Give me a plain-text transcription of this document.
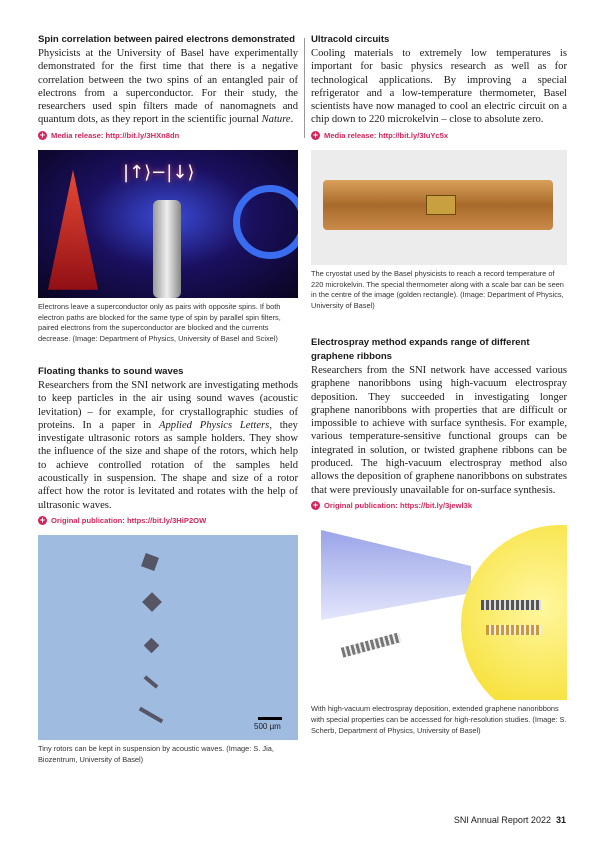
Spin correlation between paired electrons demonstrated
Physicists at the University of Basel have experimentally demonstrated for the first time that there is a negative correlation between the two spins of an entangled pair of electrons from a superconductor. For their study, the researchers used spin filters made of nanomagnets and quantum dots, as they report in the scientific journal Nature.
+ Media release: http://bit.ly/3HXn8dn
|↑⟩−|↓⟩
Electrons leave a superconductor only as pairs with opposite spins. If both electron paths are blocked for the same type of spin by parallel spin filters, paired electrons from the superconductor are blocked and the currents decrease. (Image: Department of Physics, University of Basel and Scixel)
Floating thanks to sound waves
Researchers from the SNI network are investigating methods to keep particles in the air using sound waves (acoustic levitation) – for example, for crystallographic studies of proteins. In a paper in Applied Physics Letters, they investigate ultrasonic rotors as sample holders. They show the influence of the size and shape of the rotors, which help to achieve controlled rotation of the samples held acoustically in suspension. The shape and size of a rotor affect how the rotor is levitated and rotates with the help of ultrasonic waves.
+ Original publication: https://bit.ly/3HiP2OW
500 µm
Tiny rotors can be kept in suspension by acoustic waves. (Image: S. Jia, Biozentrum, University of Basel)
Ultracold circuits
Cooling materials to extremely low temperatures is important for basic physics research as well as for technological applications. By improving a special refrigerator and a low-temperature thermometer, Basel scientists have now managed to cool an electric circuit on a chip down to 220 microkelvin – close to absolute zero.
+ Media release: http://bit.ly/3IuYc5x
The cryostat used by the Basel physicists to reach a record temperature of 220 microkelvin. The special thermometer along with a scale bar can be seen in the centre of the image (golden rectangle). (Image: Department of Physics, University of Basel)
Electrospray method expands range of different graphene ribbons
Researchers from the SNI network have accessed various graphene nanoribbons using high-vacuum electrospray deposition. They succeeded in investigating longer graphene nanoribbons with properties that are difficult or impossible to achieve with surface synthesis. For example, various temperature-sensitive functional groups can be integrated in solution, or twisted graphene ribbons can be produced. The high-vacuum electrospray method also allows the deposition of graphene nanoribbons on substrates that were previously unavailable for on-surface synthesis.
+ Original publication: https://bit.ly/3jewl3k
With high-vacuum electrospray deposition, extended graphene nanoribbons with special properties can be accessed for high-resolution studies. (Image: S. Scherb, Department of Physics, University of Basel)
SNI Annual Report 2022 31
